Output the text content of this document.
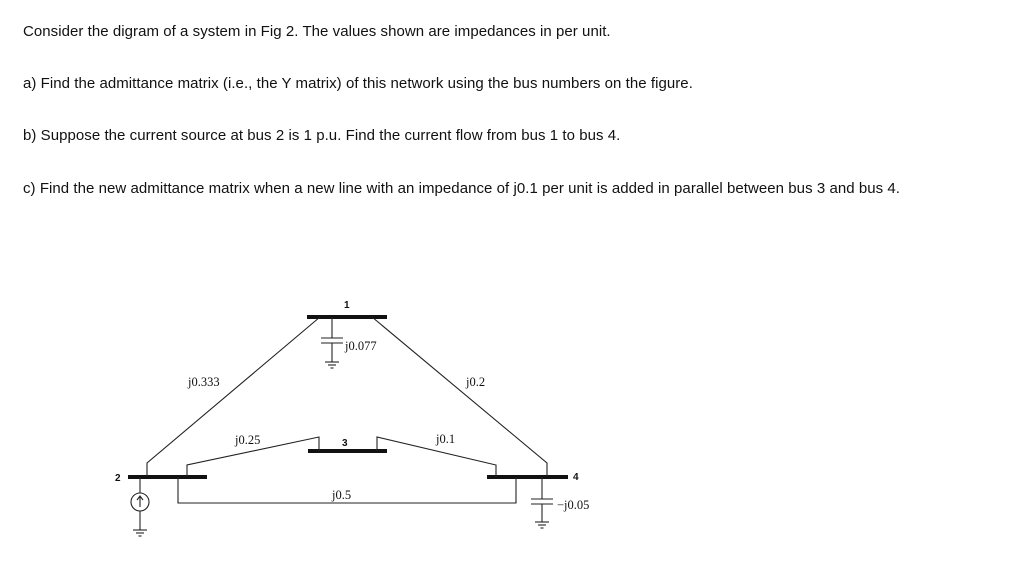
Consider the digram of a system in Fig 2. The values shown are impedances in per unit.

a) Find the admittance matrix (i.e., the Y matrix) of this network using the bus numbers on the figure.

b) Suppose the current source at bus 2 is 1 p.u. Find the current flow from bus 1 to bus 4.

c) Find the new admittance matrix when a new line with an impedance of j0.1 per unit is added in parallel between bus 3 and bus 4.

1
2
3
4
j0.077
j0.333	j0.2
j0.25	j0.1
j0.5
−j0.05
